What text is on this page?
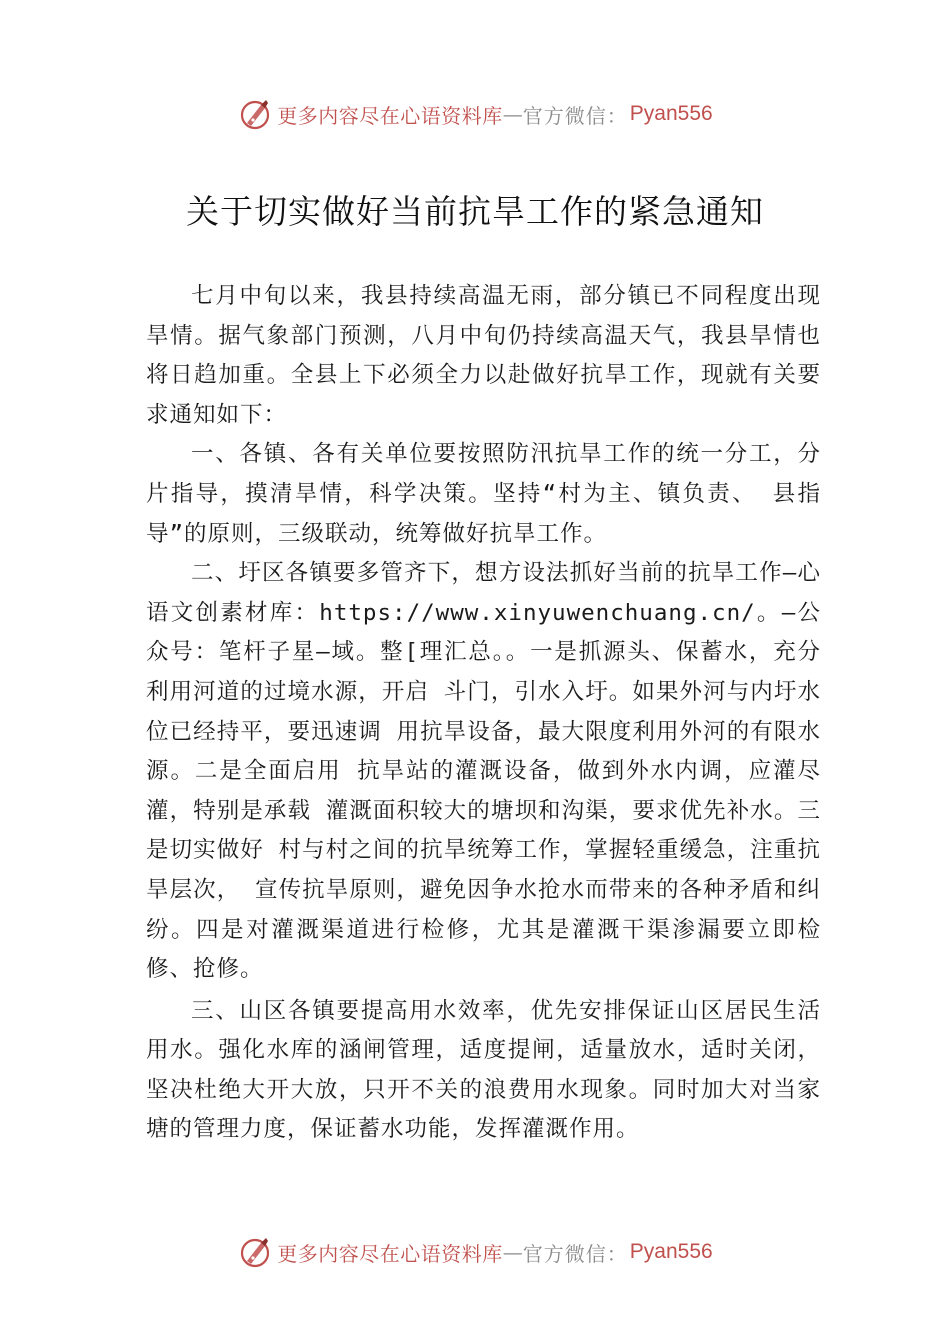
更多内容尽在心语资料库 — 官方微信： Pyan556
关于切实做好当前抗旱工作的紧急通知

七月中旬以来，我县持续高温无雨，部分镇已不同程度出现旱情。据气象部门预测，八月中旬仍持续高温天气，我县旱情也将日趋加重。全县上下必须全力以赴做好抗旱工作，现就有关要求通知如下：

一、各镇、各有关单位要按照防汛抗旱工作的统一分工，分片指导，摸清旱情，科学决策。坚持“村为主、镇负责、 县指导”的原则，三级联动，统筹做好抗旱工作。

二、圩区各镇要多管齐下，想方设法抓好当前的抗旱工作—心语文创素材库：https://www.xinyuwenchuang.cn/。—公众号：笔杆子星—域。整[理汇总。。一是抓源头、保蓄水，充分利用河道的过境水源，开启 斗门，引水入圩。如果外河与内圩水位已经持平，要迅速调 用抗旱设备，最大限度利用外河的有限水源。二是全面启用 抗旱站的灌溉设备，做到外水内调，应灌尽灌，特别是承载 灌溉面积较大的塘坝和沟渠，要求优先补水。三是切实做好 村与村之间的抗旱统筹工作，掌握轻重缓急，注重抗旱层次， 宣传抗旱原则，避免因争水抢水而带来的各种矛盾和纠纷。四是对灌溉渠道进行检修，尤其是灌溉干渠渗漏要立即检修、抢修。

三、山区各镇要提高用水效率，优先安排保证山区居民生活用水。强化水库的涵闸管理，适度提闸，适量放水，适时关闭，坚决杜绝大开大放，只开不关的浪费用水现象。同时加大对当家塘的管理力度，保证蓄水功能，发挥灌溉作用。

更多内容尽在心语资料库 — 官方微信： Pyan556
